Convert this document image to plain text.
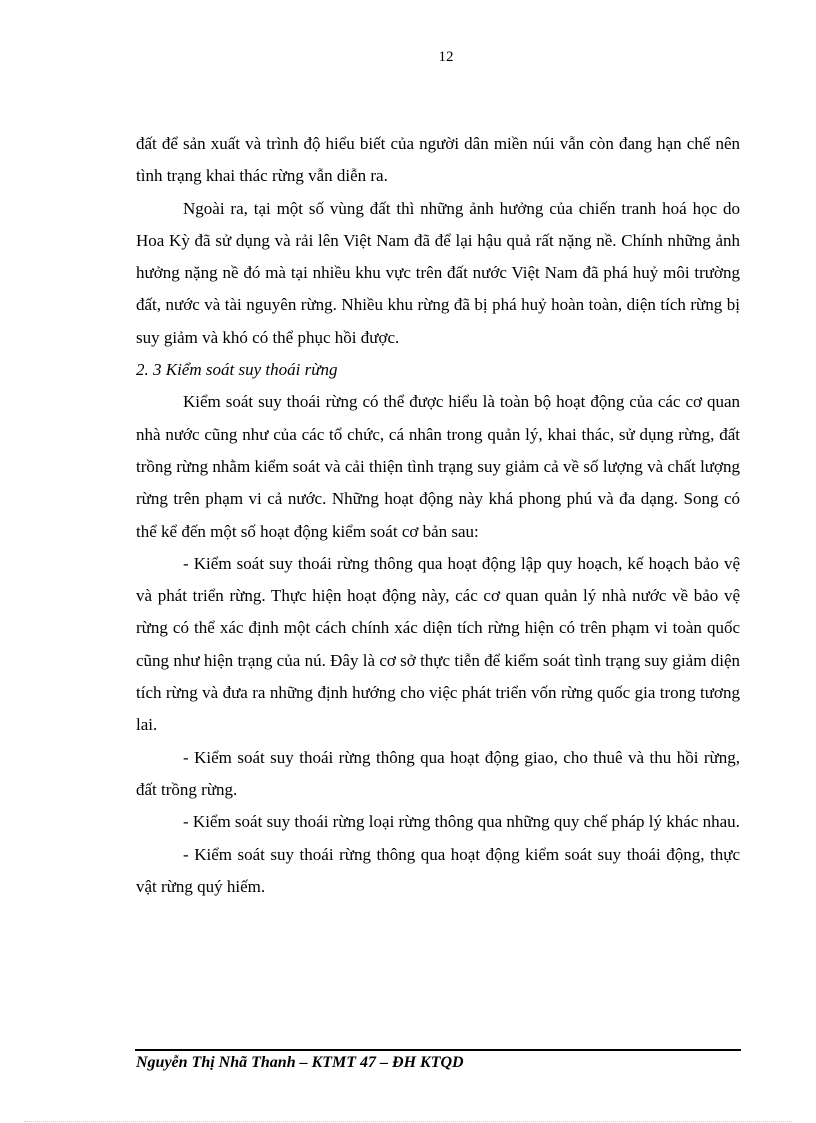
12

đất để sản xuất và trình độ hiểu biết của người dân miền núi vẫn còn đang hạn chế nên tình trạng khai thác rừng vẫn diễn ra.

Ngoài ra, tại một số vùng đất thì những ảnh hưởng của chiến tranh hoá học do Hoa Kỳ đã sử dụng và rải lên Việt Nam đã để lại hậu quả rất nặng nề. Chính những ảnh hưởng nặng nề đó mà tại nhiều khu vực trên đất nước Việt Nam đã phá huỷ môi trường đất, nước và tài nguyên rừng. Nhiều khu rừng đã bị phá huỷ hoàn toàn, diện tích rừng bị suy giảm và khó có thể phục hồi được.

2. 3 Kiểm soát suy thoái rừng

Kiểm soát suy thoái rừng có thể được hiểu là toàn bộ hoạt động của các cơ quan nhà nước cũng như của các tổ chức, cá nhân trong quản lý, khai thác, sử dụng rừng, đất trồng rừng nhằm kiểm soát và cải thiện tình trạng suy giảm cả về số lượng và chất lượng rừng trên phạm vi cả nước. Những hoạt động này khá phong phú và đa dạng. Song có thể kể đến một số hoạt động kiểm soát cơ bản sau:

- Kiểm soát suy thoái rừng thông qua hoạt động lập quy hoạch, kế hoạch bảo vệ và phát triển rừng. Thực hiện hoạt động này, các cơ quan quản lý nhà nước về bảo vệ rừng có thể xác định một cách chính xác diện tích rừng hiện có trên phạm vi toàn quốc cũng như hiện trạng của nú. Đây là cơ sở thực tiễn để kiểm soát tình trạng suy giảm diện tích rừng và đưa ra những định hướng cho việc phát triển vốn rừng quốc gia trong tương lai.

- Kiểm soát suy thoái rừng thông qua hoạt động giao, cho thuê và thu hồi rừng, đất trồng rừng.

- Kiểm soát suy thoái rừng loại rừng thông qua những quy chế pháp lý khác nhau.

- Kiểm soát suy thoái rừng thông qua hoạt động kiểm soát suy thoái động, thực vật rừng quý hiếm.

Nguyễn Thị Nhã Thanh – KTMT 47 – ĐH KTQD
